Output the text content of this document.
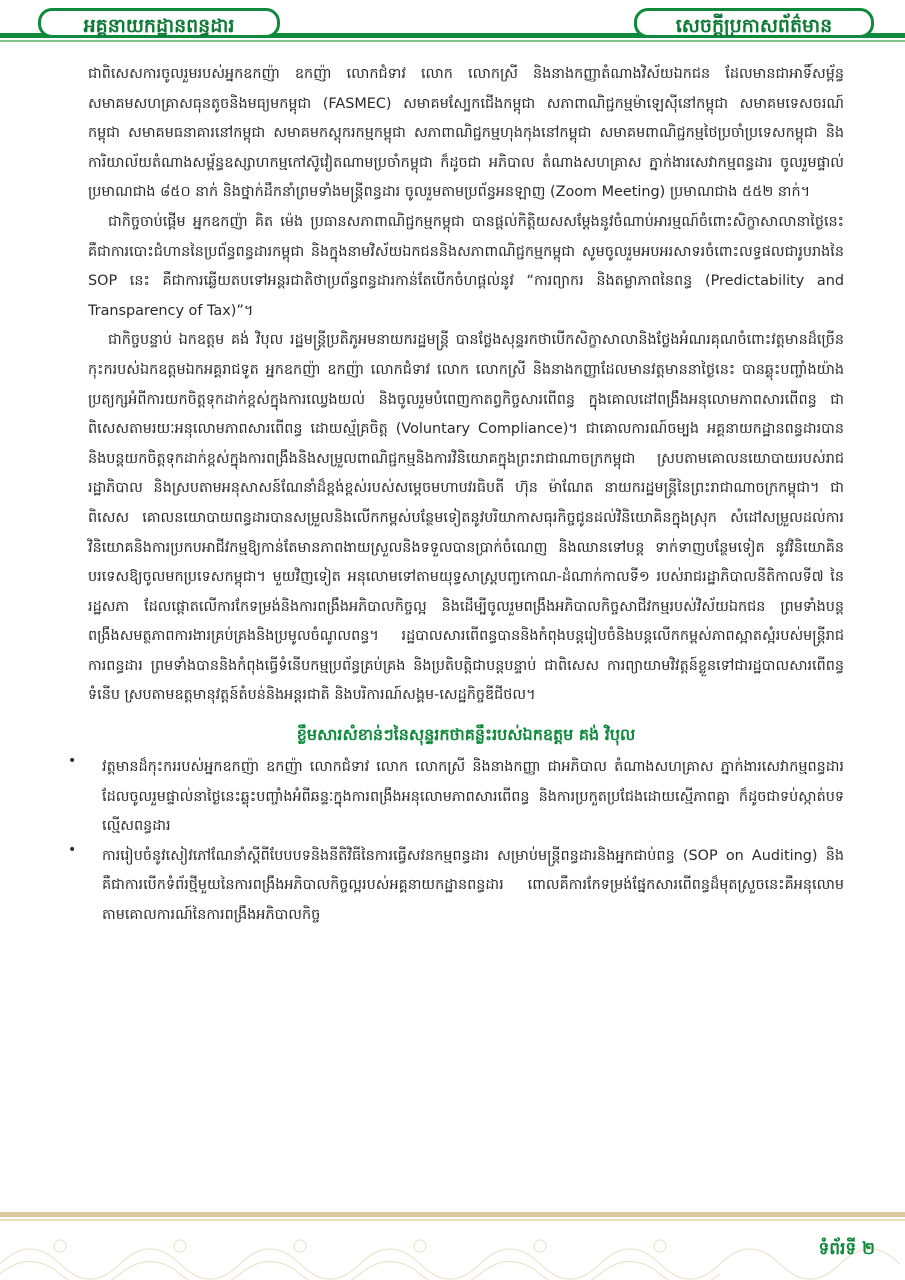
អគ្គនាយកដ្ឋានពន្ធដារ	សេចក្តីប្រកាសព័ត៌មាន

ជាពិសេសការចូលរួមរបស់អ្នកឧកញ៉ា ឧកញ៉ា លោកជំទាវ លោក លោកស្រី និងនាងកញ្ញាតំណាងវិស័យឯកជន ដែលមានជាអាទិ៍សម្ព័ន្ធសមាគមសហគ្រាសធុនតូចនិងមធ្យមកម្ពុជា (FASMEC) សមាគមស្បែកជើងកម្ពុជា សភាពាណិជ្ជកម្មម៉ាឡេស៊ីនៅកម្ពុជា សមាគមទេសចរណ៍កម្ពុជា សមាគមធនាគារនៅកម្ពុជា សមាគមកស្តុករកម្មកម្ពុជា សភាពាណិជ្ជកម្មហុងកុងនៅកម្ពុជា សមាគមពាណិជ្ជកម្មថៃប្រចាំប្រទេសកម្ពុជា និងការិយាល័យតំណាងសម្ព័ន្ធឧស្សាហកម្មកៅស៊ូវៀតណាមប្រចាំកម្ពុជា ក៏ដូចជា អភិបាល តំណាងសហគ្រាស ភ្នាក់ងារសេវាកម្មពន្ធដារ ចូលរួមផ្ទាល់ប្រមាណជាង ៨៥០ នាក់ និងថ្នាក់ដឹកនាំព្រមទាំងមន្ត្រីពន្ធដារ ចូលរួមតាមប្រព័ន្ធអនឡាញ (Zoom Meeting) ប្រមាណជាង ៥៥២ នាក់។

ជាកិច្ចចាប់ផ្តើម អ្នកឧកញ៉ា គិត ម៉េង ប្រធានសភាពាណិជ្ជកម្មកម្ពុជា បានផ្តល់កិត្តិយសសម្តែងនូវចំណាប់អារម្មណ៍ចំពោះសិក្ខាសាលានាថ្ងៃនេះ គឺជាការបោះជំហាននៃប្រព័ន្ធពន្ធដារកម្ពុជា និងក្នុងនាមវិស័យឯកជននិងសភាពាណិជ្ជកម្មកម្ពុជា សូមចូលរួមអបអរសាទរចំពោះលទ្ធផលជារូបរាងនៃ SOP នេះ គឺជាការឆ្លើយតបទៅអន្តរជាតិថាប្រព័ន្ធពន្ធដារកាន់តែបើកចំហផ្តល់នូវ “ការព្យាករ និងតម្លាភាពនៃពន្ធ (Predictability and Transparency of Tax)”។

ជាកិច្ចបន្ទាប់ ឯកឧត្តម គង់ វិបុល រដ្ឋមន្ត្រីប្រតិភូអមនាយករដ្ឋមន្ត្រី បានថ្លែងសុន្ទរកថាបើកសិក្ខាសាលានិងថ្លែងអំណរគុណចំពោះវត្តមានដ៏ច្រើនកុះករបស់ឯកឧត្តមឯកអគ្គរាជទូត អ្នកឧកញ៉ា ឧកញ៉ា លោកជំទាវ លោក លោកស្រី និងនាងកញ្ញាដែលមានវត្តមាននាថ្ងៃនេះ បានឆ្លុះបញ្ចាំងយ៉ាងប្រត្យក្សអំពីការយកចិត្តទុកដាក់ខ្ពស់ក្នុងការឈ្វេងយល់ និងចូលរួមបំពេញកាតព្វកិច្ចសារពើពន្ធ ក្នុងគោលដៅពង្រឹងអនុលោមភាពសារពើពន្ធ ជាពិសេសតាមរយៈអនុលោមភាពសារពើពន្ធ ដោយស្ម័គ្រចិត្ត (Voluntary Compliance)។ ជាគោលការណ៍ចម្បង អគ្គនាយកដ្ឋានពន្ធដារបាននិងបន្តយកចិត្តទុកដាក់ខ្ពស់ក្នុងការពង្រឹងនិងសម្រួលពាណិជ្ជកម្មនិងការវិនិយោគក្នុងព្រះរាជាណាចក្រកម្ពុជា ស្របតាមគោលនយោបាយរបស់រាជរដ្ឋាភិបាល និងស្របតាមអនុសាសន៍ណែនាំដ៏ខ្ពង់ខ្ពស់របស់សម្តេចមហាបវរធិបតី ហ៊ុន ម៉ាណែត នាយករដ្ឋមន្ត្រីនៃព្រះរាជាណាចក្រកម្ពុជា។ ជាពិសេស គោលនយោបាយពន្ធដារបានសម្រួលនិងលើកកម្ពស់បន្ថែមទៀតនូវបរិយាកាសធុរកិច្ចជូនដល់វិនិយោគិនក្នុងស្រុក សំដៅសម្រួលដល់ការវិនិយោគនិងការប្រកបអាជីវកម្មឱ្យកាន់តែមានភាពងាយស្រួលនិងទទួលបានប្រាក់ចំណេញ និងឈានទៅបន្ត ទាក់ទាញបន្ថែមទៀត នូវវិនិយោគិនបរទេសឱ្យចូលមកប្រទេសកម្ពុជា។ មួយវិញទៀត អនុលោមទៅតាមយុទ្ធសាស្ត្របញ្ចកោណ-ដំណាក់កាលទី១ របស់រាជរដ្ឋាភិបាលនីតិកាលទី៧ នៃរដ្ឋសភា ដែលផ្តោតលើការកែទម្រង់និងការពង្រឹងអភិបាលកិច្ចល្អ និងដើម្បីចូលរួមពង្រឹងអភិបាលកិច្ចសាជីវកម្មរបស់វិស័យឯកជន ព្រមទាំងបន្តពង្រឹងសមត្ថភាពការងារគ្រប់គ្រងនិងប្រមូលចំណូលពន្ធ។ រដ្ឋបាលសារពើពន្ធបាននិងកំពុងបន្តរៀបចំនិងបន្តលើកកម្ពស់ភាពស្អាតស្អំរបស់មន្ត្រីរាជការពន្ធដារ ព្រមទាំងបាននិងកំពុងធ្វើទំនើបកម្មប្រព័ន្ធគ្រប់គ្រង និងប្រតិបត្តិជាបន្តបន្ទាប់ ជាពិសេស ការព្យាយាមវិវត្តន៍ខ្លួនទៅជារដ្ឋបាលសារពើពន្ធទំនើប ស្របតាមឧត្តមានុវត្តន៍តំបន់និងអន្តរជាតិ និងបរិការណ៍សង្គម-សេដ្ឋកិច្ចឌីជីថល។

ខ្លឹមសារសំខាន់ៗនៃសុន្ទរកថាគន្លឹះរបស់ឯកឧត្តម គង់ វិបុល
• វត្តមានដ៏កុះកររបស់អ្នកឧកញ៉ា ឧកញ៉ា លោកជំទាវ លោក លោកស្រី និងនាងកញ្ញា ជាអភិបាល តំណាងសហគ្រាស ភ្នាក់ងារសេវាកម្មពន្ធដារ ដែលចូលរួមផ្ទាល់នាថ្ងៃនេះឆ្លុះបញ្ចាំងអំពីឆន្ទៈក្នុងការពង្រឹងអនុលោមភាពសារពើពន្ធ និងការប្រកួតប្រជែងដោយស្មើភាពគ្នា ក៏ដូចជាទប់ស្កាត់បទល្មើសពន្ធដារ

• ការរៀបចំនូវសៀវភៅណែនាំស្តីពីបែបបទនិងនីតិវិធីនៃការធ្វើសវនកម្មពន្ធដារ សម្រាប់មន្ត្រីពន្ធដារនិងអ្នកជាប់ពន្ធ (SOP on Auditing) និងគឺជាការបើកទំព័រថ្មីមួយនៃការពង្រឹងអភិបាលកិច្ចល្អរបស់អគ្គនាយកដ្ឋានពន្ធដារ ពោលគឺការកែទម្រង់ផ្នែកសារពើពន្ធដ៏មុតស្រួចនេះគឺអនុលោមតាមគោលការណ៍នៃការពង្រឹងអភិបាលកិច្ច

ទំព័រទី ២
